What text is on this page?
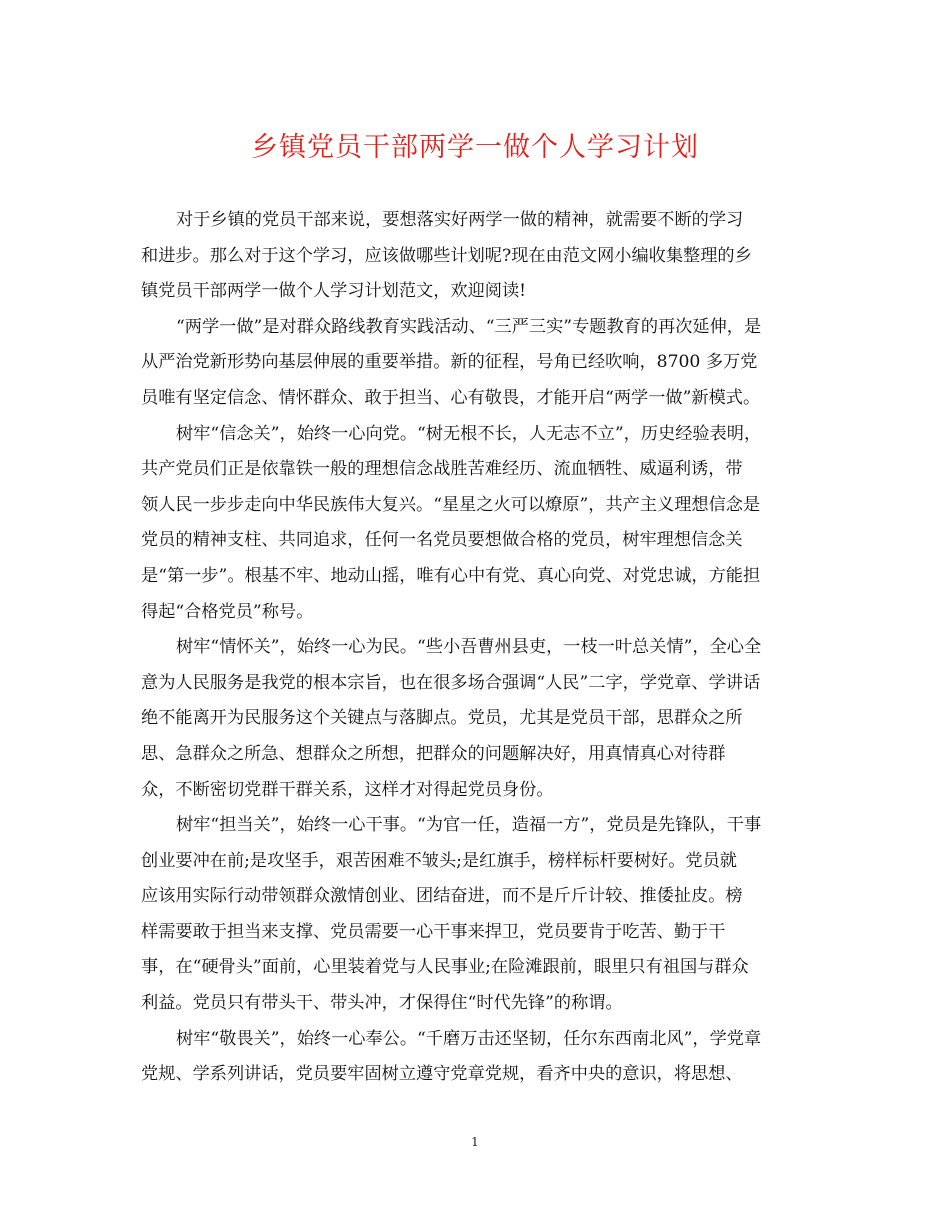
乡镇党员干部两学一做个人学习计划
对于乡镇的党员干部来说，要想落实好两学一做的精神，就需要不断的学习
和进步。那么对于这个学习，应该做哪些计划呢?现在由范文网小编收集整理的乡
镇党员干部两学一做个人学习计划范文，欢迎阅读!
“两学一做”是对群众路线教育实践活动、“三严三实”专题教育的再次延伸，是
从严治党新形势向基层伸展的重要举措。新的征程，号角已经吹响，8700 多万党
员唯有坚定信念、情怀群众、敢于担当、心有敬畏，才能开启“两学一做”新模式。
树牢“信念关”，始终一心向党。“树无根不长，人无志不立”，历史经验表明，
共产党员们正是依靠铁一般的理想信念战胜苦难经历、流血牺牲、威逼利诱，带
领人民一步步走向中华民族伟大复兴。“星星之火可以燎原”，共产主义理想信念是
党员的精神支柱、共同追求，任何一名党员要想做合格的党员，树牢理想信念关
是“第一步”。根基不牢、地动山摇，唯有心中有党、真心向党、对党忠诚，方能担
得起“合格党员”称号。
树牢“情怀关”，始终一心为民。“些小吾曹州县吏，一枝一叶总关情”，全心全
意为人民服务是我党的根本宗旨，也在很多场合强调“人民”二字，学党章、学讲话
绝不能离开为民服务这个关键点与落脚点。党员，尤其是党员干部，思群众之所
思、急群众之所急、想群众之所想，把群众的问题解决好，用真情真心对待群
众，不断密切党群干群关系，这样才对得起党员身份。
树牢“担当关”，始终一心干事。“为官一任，造福一方”，党员是先锋队，干事
创业要冲在前;是攻坚手，艰苦困难不皱头;是红旗手，榜样标杆要树好。党员就
应该用实际行动带领群众激情创业、团结奋进，而不是斤斤计较、推倭扯皮。榜
样需要敢于担当来支撑、党员需要一心干事来捍卫，党员要肯于吃苦、勤于干
事，在“硬骨头”面前，心里装着党与人民事业;在险滩跟前，眼里只有祖国与群众
利益。党员只有带头干、带头冲，才保得住“时代先锋”的称谓。
树牢“敬畏关”，始终一心奉公。“千磨万击还坚韧，任尔东西南北风”，学党章
党规、学系列讲话，党员要牢固树立遵守党章党规，看齐中央的意识，将思想、
1
